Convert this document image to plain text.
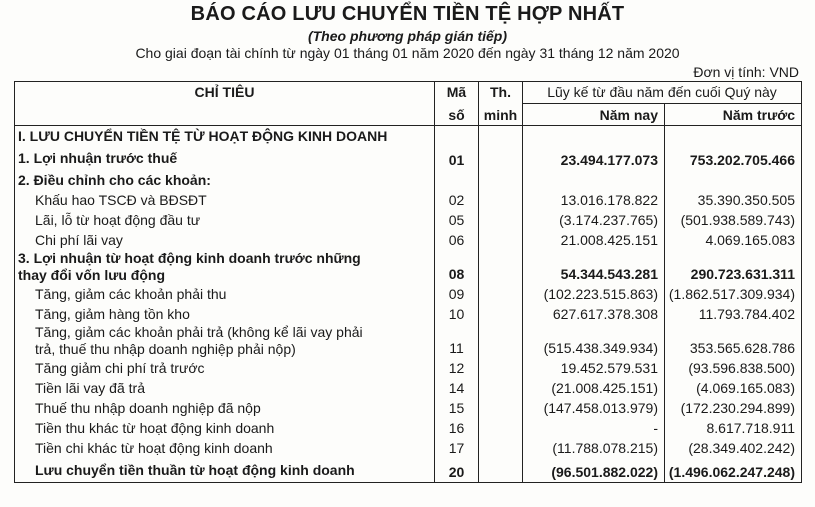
BÁO CÁO LƯU CHUYỂN TIỀN TỆ HỢP NHẤT
(Theo phương pháp gián tiếp)
Cho giai đoạn tài chính từ ngày 01 tháng 01 năm 2020 đến ngày 31 tháng 12 năm 2020
Đơn vị tính: VND
CHỈ TIÊU	Mã	Th.	Lũy kế từ đầu năm đến cuối Quý này	
	số	minh	Năm nay	Năm trước
I. LƯU CHUYỂN TIỀN TỆ TỪ HOẠT ĐỘNG KINH DOANH				
1. Lợi nhuận trước thuế	01		23.494.177.073	753.202.705.466
2. Điều chỉnh cho các khoản:				
Khấu hao TSCĐ và BĐSĐT	02		13.016.178.822	35.390.350.505
Lãi, lỗ từ hoạt động đầu tư	05		(3.174.237.765)	(501.938.589.743)
Chi phí lãi vay	06		21.008.425.151	4.069.165.083

3. Lợi nhuận từ hoạt động kinh doanh trước những
thay đổi vốn lưu động	08		54.344.543.281	290.723.631.311
Tăng, giảm các khoản phải thu	09		(102.223.515.863)	(1.862.517.309.934)
Tăng, giảm hàng tồn kho	10		627.617.378.308	11.793.784.402

Tăng, giảm các khoản phải trả (không kể lãi vay phải
trả, thuế thu nhập doanh nghiệp phải nộp)	11		(515.438.349.934)	353.565.628.786
Tăng giảm chi phí trả trước	12		19.452.579.531	(93.596.838.500)
Tiền lãi vay đã trả	14		(21.008.425.151)	(4.069.165.083)
Thuế thu nhập doanh nghiệp đã nộp	15		(147.458.013.979)	(172.230.294.899)
Tiền thu khác từ hoạt động kinh doanh	16		-	8.617.718.911
Tiền chi khác từ hoạt động kinh doanh	17		(11.788.078.215)	(28.349.402.242)
Lưu chuyển tiền thuần từ hoạt động kinh doanh	20		(96.501.882.022)	(1.496.062.247.248)
